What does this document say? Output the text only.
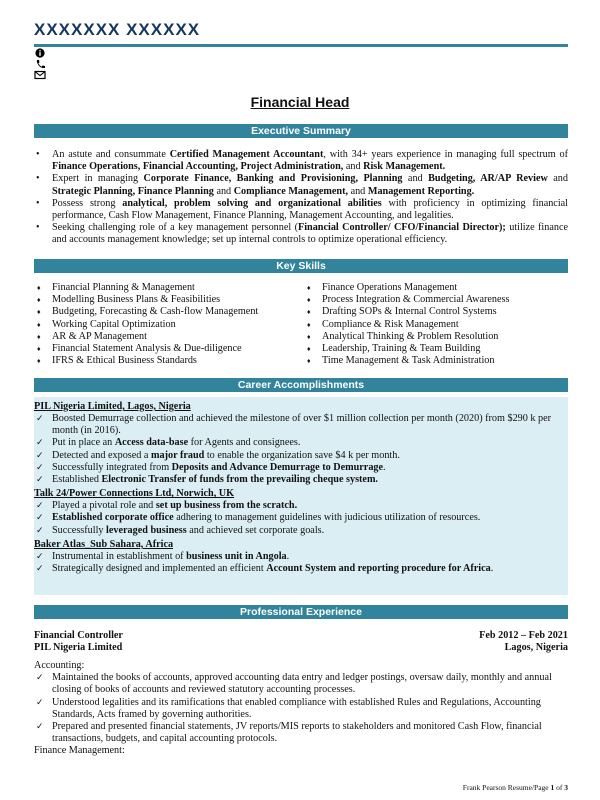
XXXXXXX XXXXXX
Financial Head
Executive Summary
• An astute and consummate Certified Management Accountant, with 34+ years experience in managing full spectrum of Finance Operations, Financial Accounting, Project Administration, and Risk Management.
• Expert in managing Corporate Finance, Banking and Provisioning, Planning and Budgeting, AR/AP Review and Strategic Planning, Finance Planning and Compliance Management, and Management Reporting.
• Possess strong analytical, problem solving and organizational abilities with proficiency in optimizing financial performance, Cash Flow Management, Finance Planning, Management Accounting, and legalities.
• Seeking challenging role of a key management personnel (Financial Controller/ CFO/Financial Director); utilize finance and accounts management knowledge; set up internal controls to optimize operational efficiency.
Key Skills
♦ Financial Planning & Management
♦ Modelling Business Plans & Feasibilities
♦ Budgeting, Forecasting & Cash-flow Management
♦ Working Capital Optimization
♦ AR & AP Management
♦ Financial Statement Analysis & Due-diligence
♦ IFRS & Ethical Business Standards
♦ Finance Operations Management
♦ Process Integration & Commercial Awareness
♦ Drafting SOPs & Internal Control Systems
♦ Compliance & Risk Management
♦ Analytical Thinking & Problem Resolution
♦ Leadership, Training & Team Building
♦ Time Management & Task Administration
Career Accomplishments
PIL Nigeria Limited, Lagos, Nigeria
✓ Boosted Demurrage collection and achieved the milestone of over $1 million collection per month (2020) from $290 k per month (in 2016).
✓ Put in place an Access data-base for Agents and consignees.
✓ Detected and exposed a major fraud to enable the organization save $4 k per month.
✓ Successfully integrated from Deposits and Advance Demurrage to Demurrage.
✓ Established Electronic Transfer of funds from the prevailing cheque system.
Talk 24/Power Connections Ltd, Norwich, UK
✓ Played a pivotal role and set up business from the scratch.
✓ Established corporate office adhering to management guidelines with judicious utilization of resources.
✓ Successfully leveraged business and achieved set corporate goals.
Baker Atlas_Sub Sahara, Africa
✓ Instrumental in establishment of business unit in Angola.
✓ Strategically designed and implemented an efficient Account System and reporting procedure for Africa.
Professional Experience
Financial Controller	Feb 2012 – Feb 2021
PIL Nigeria Limited	Lagos, Nigeria
Accounting:
✓ Maintained the books of accounts, approved accounting data entry and ledger postings, oversaw daily, monthly and annual closing of books of accounts and reviewed statutory accounting processes.
✓ Understood legalities and its ramifications that enabled compliance with established Rules and Regulations, Accounting Standards, Acts framed by governing authorities.
✓ Prepared and presented financial statements, JV reports/MIS reports to stakeholders and monitored Cash Flow, financial transactions, budgets, and capital accounting protocols.
Finance Management:
Frank Pearson Resume/Page 1 of 3
